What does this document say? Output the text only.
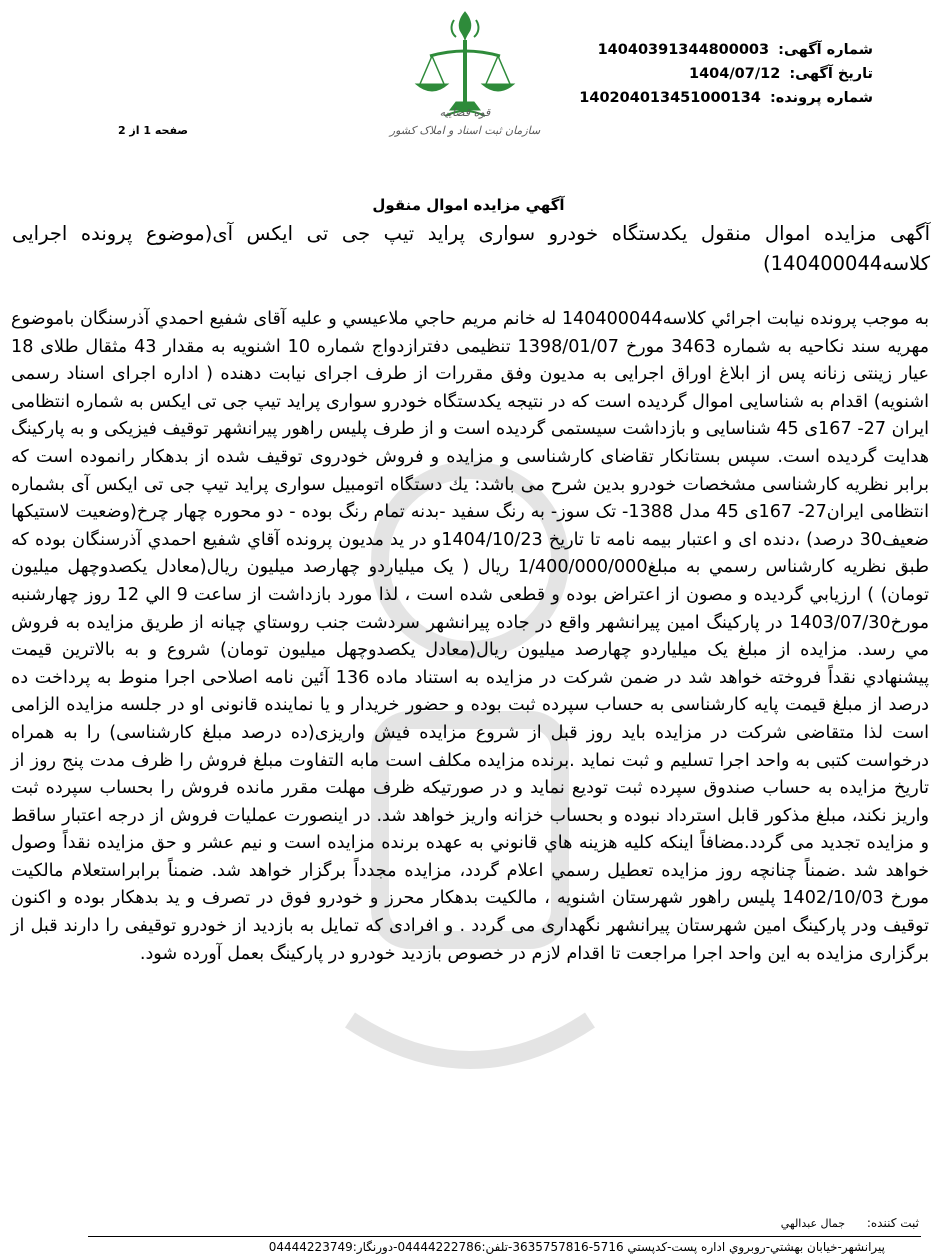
قوه قضاییه
سازمان ثبت اسناد و املاک کشور
شماره آگهی: 14040391344800003
تاریخ آگهی: 1404/07/12
شماره پرونده: 140204013451000134
صفحه 1 از 2
آگهي مزايده اموال منقول
آگهی مزایده اموال منقول یکدستگاه خودرو سواری پراید تیپ جی تی ایکس آی(موضوع پرونده اجرایی کلاسه140400044)
به موجب پرونده نيابت اجرائي كلاسه140400044 له خانم مريم حاجي ملاعيسي و عليه آقاى شفيع احمدي آذرسنگان باموضوع مهریه سند نكاحيه به شماره 3463 مورخ 1398/01/07 تنظیمی دفترازدواج شماره 10 اشنویه به مقدار 43 مثقال طلای 18 عیار زینتی زنانه پس از ابلاغ اوراق اجرایی به مدیون وفق مقررات از طرف اجرای نیابت دهنده ( اداره اجرای اسناد رسمی اشنویه) اقدام به شناسایی اموال گردیده است که در نتیجه یکدستگاه خودرو سواری پراید تیپ جی تی ایکس به شماره انتظامی ایران 27- 167ی 45 شناسایی و بازداشت سیستمی گردیده است و از طرف پلیس راهور پیرانشهر توقیف فیزیکی و به پارکینگ هدایت گردیده است. سپس بستانکار تقاضای کارشناسی و مزایده و فروش خودروی توقیف شده از بدهکار رانموده است که برابر نظریه کارشناسی مشخصات خودرو بدین شرح می باشد: یك دستگاه اتومبیل سواری پراید تیپ جی تی ایکس آی بشماره انتظامی ایران27- 167ی 45 مدل 1388- تک سوز- به رنگ سفید -بدنه تمام رنگ بوده - دو محوره چهار چرخ(وضعیت لاستیکها ضعیف30 درصد) ،دنده ای و اعتبار بیمه نامه تا تاریخ 1404/10/23و در يد مديون پرونده آقاي شفيع احمدي آذرسنگان بوده كه طبق نظریه كارشناس رسمي به مبلغ1/400/000/000 ریال ( یک میلیاردو چهارصد میلیون ریال(معادل یکصدوچهل میلیون تومان) ) ارزيابي گردیده و مصون از اعتراض بوده و قطعی شده است ، لذا مورد بازداشت از ساعت 9 الي 12 روز چهارشنبه مورخ1403/07/30 در پارکینگ امین پیرانشهر واقع در جاده پیرانشهر سردشت جنب روستاي چیانه از طريق مزايده به فروش مي رسد. مزایده از مبلغ یک میلیاردو چهارصد میلیون ریال(معادل یکصدوچهل میلیون تومان) شروع و به بالاترين قيمت پيشنهادي نقداً فروخته خواهد شد در ضمن شرکت در مزایده به استناد ماده 136 آئین نامه اصلاحی اجرا منوط به پرداخت ده درصد از مبلغ قیمت پایه کارشناسی به حساب سپرده ثبت بوده و حضور خریدار و یا نماینده قانونی او در جلسه مزایده الزامی است لذا متقاضی شرکت در مزایده باید روز قبل از شروع مزایده فیش واریزی(ده درصد مبلغ کارشناسی) را به همراه درخواست کتبی به واحد اجرا تسلیم و ثبت نماید .برنده مزایده مکلف است مابه التفاوت مبلغ فروش را ظرف مدت پنج روز از تاریخ مزایده به حساب صندوق سپرده ثبت تودیع نماید و در صورتیکه ظرف مهلت مقرر مانده فروش را بحساب سپرده ثبت واریز نکند، مبلغ مذکور قابل استرداد نبوده و بحساب خزانه واریز خواهد شد. در اینصورت عملیات فروش از درجه اعتبار ساقط و مزایده تجدید می گردد.مضافاً اینکه کليه هزينه هاي قانوني به عهده برنده مزايده است و نيم عشر و حق مزايده نقداً وصول خواهد شد .ضمناً چنانچه روز مزايده تعطيل رسمي اعلام گردد، مزايده مجدداً برگزار خواهد شد. ضمناً برابراستعلام مالکیت مورخ 1402/10/03 پلیس راهور شهرستان اشنویه ، مالکیت بدهکار محرز و خودرو فوق در تصرف و ید بدهکار بوده و اکنون توقیف ودر پارکینگ امین شهرستان پیرانشهر نگهداری می گردد . و افرادی که تمایل به بازدید از خودرو توقیفی را دارند قبل از برگزاری مزایده به این واحد اجرا مراجعت تا اقدام لازم در خصوص بازدید خودرو در پارکینگ بعمل آورده شود.
ثبت کننده: جمال عبدالهي
پيرانشهر-خيابان بهشتي-روبروي اداره پست-كدپستي 5716-3635757816-تلفن:04444222786-دورنگار:04444223749
